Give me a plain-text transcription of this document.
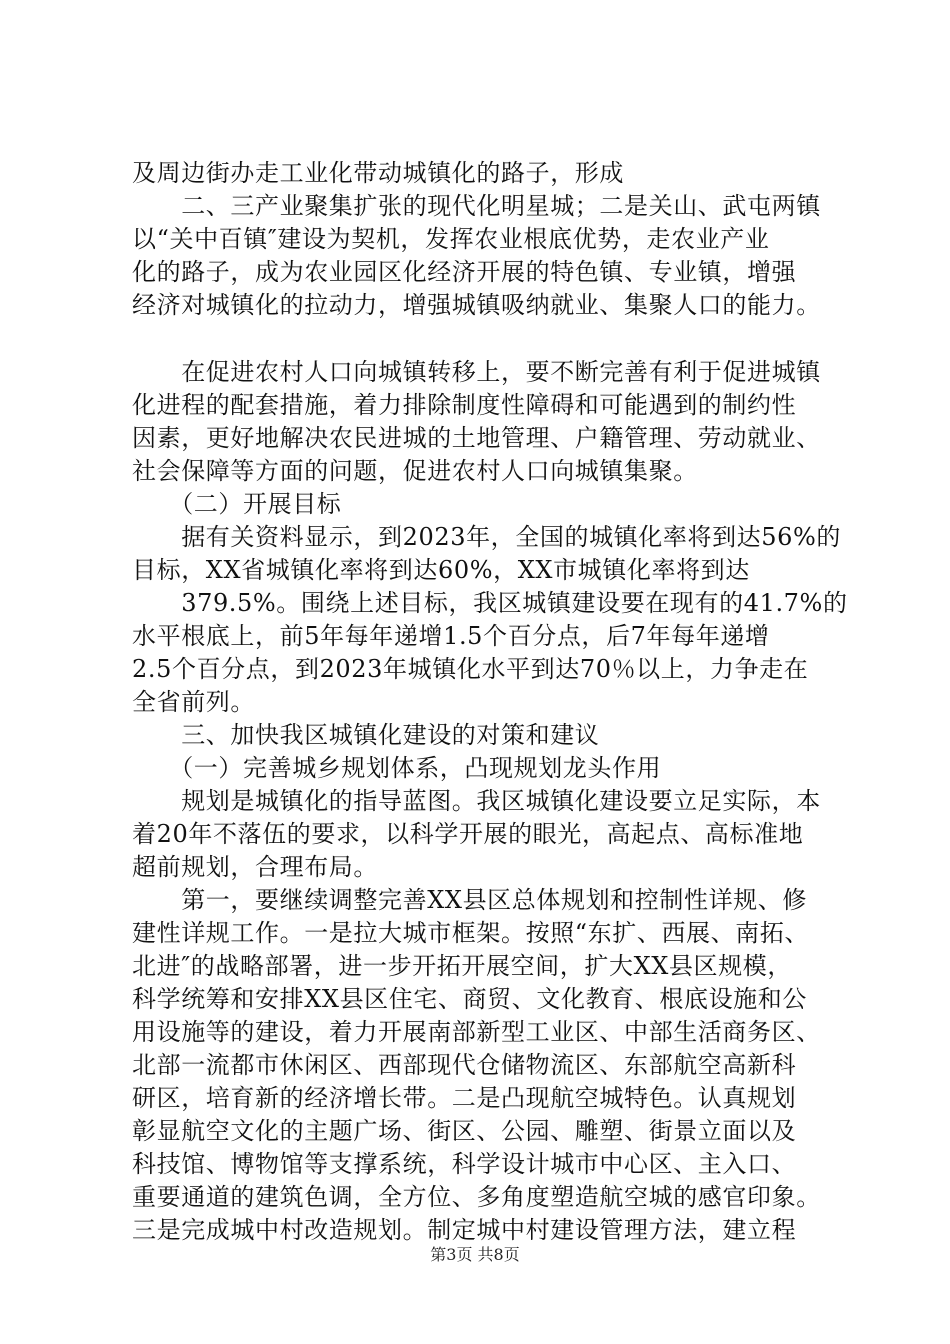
及周边街办走工业化带动城镇化的路子，形成
　　二、三产业聚集扩张的现代化明星城；二是关山、武屯两镇
以“关中百镇″建设为契机，发挥农业根底优势，走农业产业
化的路子，成为农业园区化经济开展的特色镇、专业镇，增强
经济对城镇化的拉动力，增强城镇吸纳就业、集聚人口的能力。
　　在促进农村人口向城镇转移上，要不断完善有利于促进城镇
化进程的配套措施，着力排除制度性障碍和可能遇到的制约性
因素，更好地解决农民进城的土地管理、户籍管理、劳动就业、
社会保障等方面的问题，促进农村人口向城镇集聚。
　　（二）开展目标
　　据有关资料显示，到2023年，全国的城镇化率将到达56%的
目标，XX省城镇化率将到达60%，XX市城镇化率将到达
　　379.5%。围绕上述目标，我区城镇建设要在现有的41.7%的
水平根底上，前5年每年递增1.5个百分点，后7年每年递增
2.5个百分点，到2023年城镇化水平到达70％以上，力争走在
全省前列。
　　三、加快我区城镇化建设的对策和建议
　　（一）完善城乡规划体系，凸现规划龙头作用
　　规划是城镇化的指导蓝图。我区城镇化建设要立足实际，本
着20年不落伍的要求，以科学开展的眼光，高起点、高标准地
超前规划，合理布局。
　　第一，要继续调整完善XX县区总体规划和控制性详规、修
建性详规工作。一是拉大城市框架。按照“东扩、西展、南拓、
北进″的战略部署，进一步开拓开展空间，扩大XX县区规模，
科学统筹和安排XX县区住宅、商贸、文化教育、根底设施和公
用设施等的建设，着力开展南部新型工业区、中部生活商务区、
北部一流都市休闲区、西部现代仓储物流区、东部航空高新科
研区，培育新的经济增长带。二是凸现航空城特色。认真规划
彰显航空文化的主题广场、街区、公园、雕塑、街景立面以及
科技馆、博物馆等支撑系统，科学设计城市中心区、主入口、
重要通道的建筑色调，全方位、多角度塑造航空城的感官印象。
三是完成城中村改造规划。制定城中村建设管理方法，建立程
第3页 共8页
